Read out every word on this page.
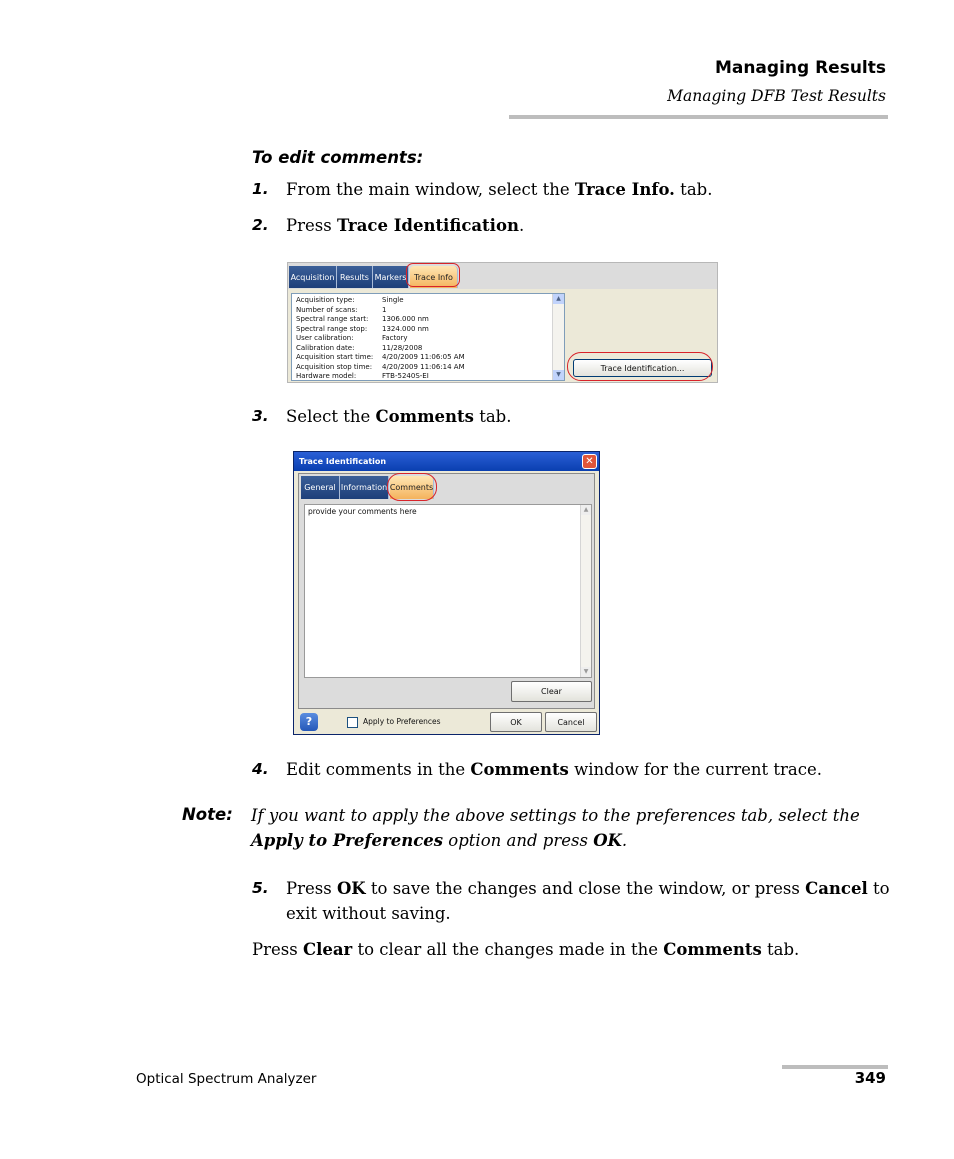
Managing Results
Managing DFB Test Results
To edit comments:
1. From the main window, select the Trace Info. tab.
2. Press Trace Identification.
Acquisition Results Markers Trace Info
Acquisition type:	Single
Number of scans:	1
Spectral range start: 1306.000 nm
Spectral range stop: 1324.000 nm
User calibration:	Factory
Calibration date:	11/28/2008
Acquisition start time: 4/20/2009 11:06:05 AM
Acquisition stop time: 4/20/2009 11:06:14 AM
Hardware model:	FTB-5240S-EI
▲
▼
Trace Identification...
3. Select the Comments tab.
Trace Identification	✕
General Information Comments
provide your comments here	▲
▼
Clear
?	Apply to Preferences	OK	Cancel
4. Edit comments in the Comments window for the current trace.
Note: If you want to apply the above settings to the preferences tab, select the Apply to Preferences option and press OK.
5. Press OK to save the changes and close the window, or press Cancel to exit without saving.
Press Clear to clear all the changes made in the Comments tab.
Optical Spectrum Analyzer	349
